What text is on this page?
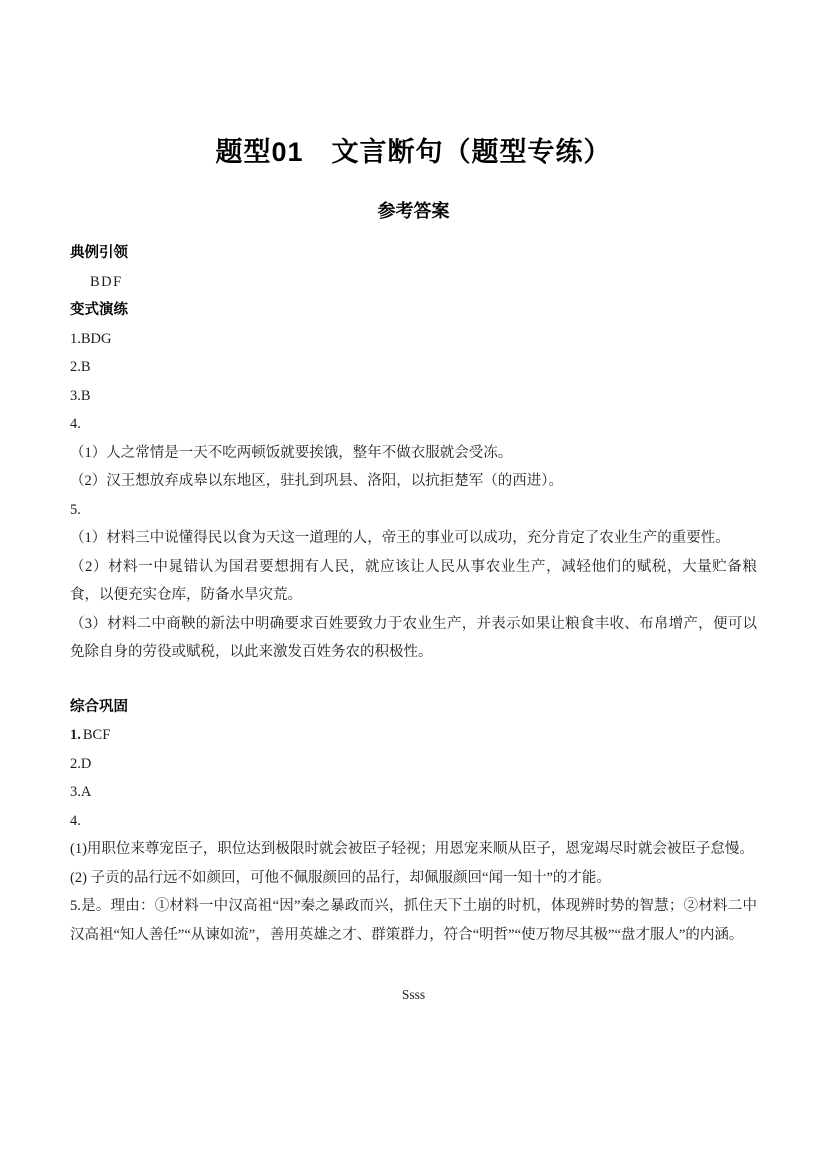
题型01　文言断句（题型专练）
参考答案

典例引领

BDF

变式演练

1.BDG

2.B

3.B

4.

（1）人之常情是一天不吃两顿饭就要挨饿，整年不做衣服就会受冻。

（2）汉王想放弃成皋以东地区，驻扎到巩县、洛阳，以抗拒楚军（的西进）。

5.

（1）材料三中说懂得民以食为天这一道理的人，帝王的事业可以成功，充分肯定了农业生产的重要性。

（2）材料一中晁错认为国君要想拥有人民，就应该让人民从事农业生产，减轻他们的赋税，大量贮备粮食，以便充实仓库，防备水旱灾荒。

（3）材料二中商鞅的新法中明确要求百姓要致力于农业生产，并表示如果让粮食丰收、布帛增产，便可以免除自身的劳役或赋税，以此来激发百姓务农的积极性。

综合巩固

1. BCF

2.D

3.A

4.

(1)用职位来尊宠臣子，职位达到极限时就会被臣子轻视；用恩宠来顺从臣子，恩宠竭尽时就会被臣子怠慢。

(2) 子贡的品行远不如颜回，可他不佩服颜回的品行，却佩服颜回“闻一知十”的才能。

5.是。理由：①材料一中汉高祖“因”秦之暴政而兴，抓住天下土崩的时机，体现辨时势的智慧；②材料二中汉高祖“知人善任”“从谏如流”，善用英雄之才、群策群力，符合“明哲”“使万物尽其极”“盘才服人”的内涵。

Ssss
